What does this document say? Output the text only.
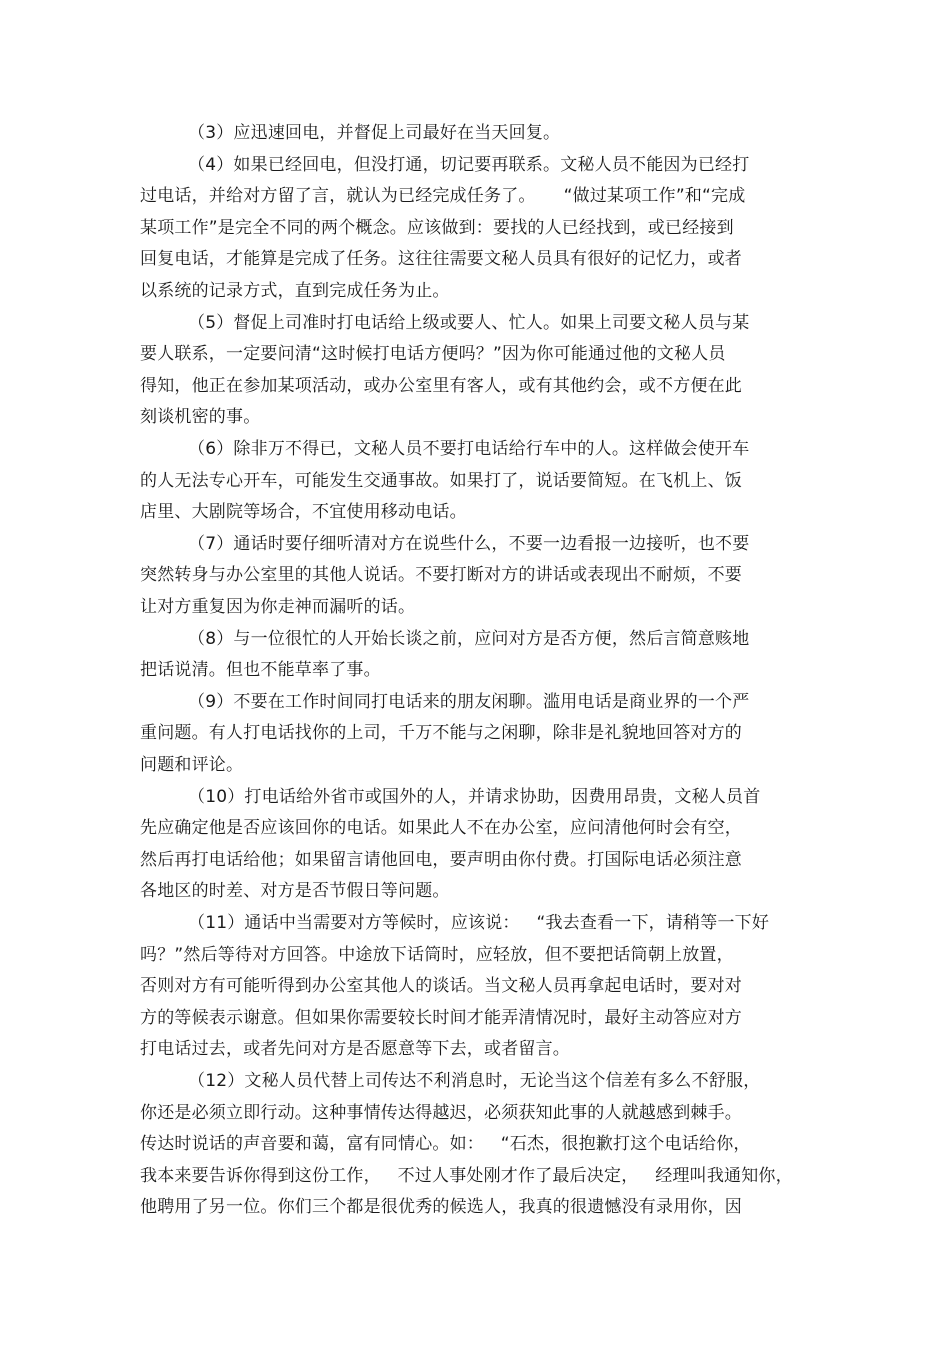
（3）应迅速回电，并督促上司最好在当天回复。
（4）如果已经回电，但没打通，切记要再联系。文秘人员不能因为已经打
过电话，并给对方留了言，就认为已经完成任务了。     “做过某项工作”和“完成
某项工作”是完全不同的两个概念。应该做到：要找的人已经找到，或已经接到
回复电话，才能算是完成了任务。这往往需要文秘人员具有很好的记忆力，或者
以系统的记录方式，直到完成任务为止。
（5）督促上司准时打电话给上级或要人、忙人。如果上司要文秘人员与某
要人联系，一定要问清“这时候打电话方便吗？”因为你可能通过他的文秘人员
得知，他正在参加某项活动，或办公室里有客人，或有其他约会，或不方便在此
刻谈机密的事。
（6）除非万不得已，文秘人员不要打电话给行车中的人。这样做会使开车
的人无法专心开车，可能发生交通事故。如果打了，说话要简短。在飞机上、饭
店里、大剧院等场合，不宜使用移动电话。
（7）通话时要仔细听清对方在说些什么，不要一边看报一边接听，也不要
突然转身与办公室里的其他人说话。不要打断对方的讲话或表现出不耐烦，不要
让对方重复因为你走神而漏听的话。
（8）与一位很忙的人开始长谈之前，应问对方是否方便，然后言简意赅地
把话说清。但也不能草率了事。
（9）不要在工作时间同打电话来的朋友闲聊。滥用电话是商业界的一个严
重问题。有人打电话找你的上司，千万不能与之闲聊，除非是礼貌地回答对方的
问题和评论。
（10）打电话给外省市或国外的人，并请求协助，因费用昂贵，文秘人员首
先应确定他是否应该回你的电话。如果此人不在办公室，应问清他何时会有空，
然后再打电话给他；如果留言请他回电，要声明由你付费。打国际电话必须注意
各地区的时差、对方是否节假日等问题。
（11）通话中当需要对方等候时，应该说：   “我去查看一下，请稍等一下好
吗？”然后等待对方回答。中途放下话筒时，应轻放，但不要把话筒朝上放置，
否则对方有可能听得到办公室其他人的谈话。当文秘人员再拿起电话时，要对对
方的等候表示谢意。但如果你需要较长时间才能弄清情况时，最好主动答应对方
打电话过去，或者先问对方是否愿意等下去，或者留言。
（12）文秘人员代替上司传达不利消息时，无论当这个信差有多么不舒服，
你还是必须立即行动。这种事情传达得越迟，必须获知此事的人就越感到棘手。
传达时说话的声音要和蔼，富有同情心。如：   “石杰，很抱歉打这个电话给你，
我本来要告诉你得到这份工作，   不过人事处刚才作了最后决定，   经理叫我通知你，
他聘用了另一位。你们三个都是很优秀的候选人，我真的很遗憾没有录用你，因
